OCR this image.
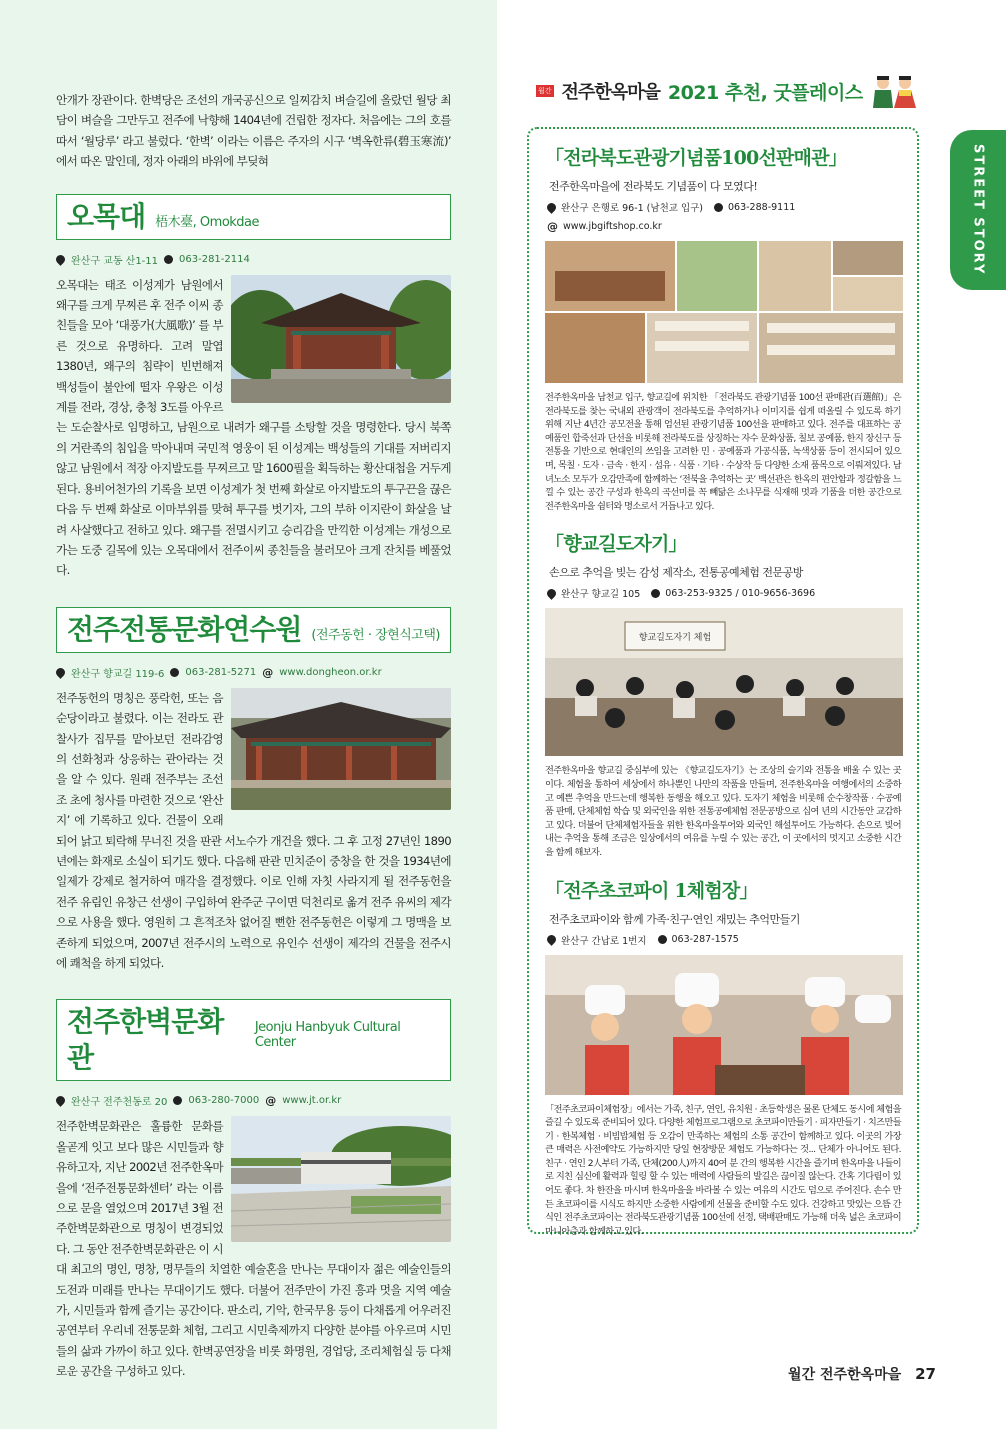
안개가 장관이다. 한벽당은 조선의 개국공신으로 일찌감치 벼슬길에 올랐던 월당 최담이 벼슬을 그만두고 전주에 낙향해 1404년에 건립한 정자다. 처음에는 그의 호를 따서 ‘월당루’ 라고 불렀다. ‘한벽’ 이라는 이름은 주자의 시구 ‘벽옥한류(碧玉寒流)’ 에서 따온 말인데, 정자 아래의 바위에 부딪혀

오목대 梧木臺, Omokdae
완산구 교동 산1-11 063-281-2114

오목대는 태조 이성계가 남원에서 왜구를 크게 무찌른 후 전주 이씨 종친들을 모아 ‘대풍가(大風歌)’ 를 부른 것으로 유명하다. 고려 말엽 1380년, 왜구의 침략이 빈번해져 백성들이 불안에 떨자 우왕은 이성계를 전라, 경상, 충청 3도를 아우르는 도순찰사로 임명하고, 남원으로 내려가 왜구를 소탕할 것을 명령한다. 당시 북쪽의 거란족의 침입을 막아내며 국민적 영웅이 된 이성계는 백성들의 기대를 저버리지 않고 남원에서 적장 아지발도를 무찌르고 말 1600필을 획득하는 황산대첩을 거두게 된다. 용비어천가의 기록을 보면 이성계가 첫 번째 화살로 아지발도의 투구끈을 끊은 다음 두 번째 화살로 이마부위를 맞혀 투구를 벗기자, 그의 부하 이지란이 화살을 날려 사살했다고 전하고 있다. 왜구를 전멸시키고 승리감을 만끽한 이성계는 개성으로 가는 도중 길목에 있는 오목대에서 전주이씨 종친들을 불러모아 크게 잔치를 베풀었다.

전주전통문화연수원 (전주동헌 · 장현식고택)
완산구 향교길 119-6 063-281-5271 @ www.dongheon.or.kr

전주동헌의 명칭은 풍락헌, 또는 음순당이라고 불렸다. 이는 전라도 관찰사가 집무를 맡아보던 전라감영의 선화청과 상응하는 관아라는 것을 알 수 있다. 원래 전주부는 조선조 초에 청사를 마련한 것으로 ‘완산지’ 에 기록하고 있다. 건물이 오래되어 낡고 퇴락해 무너진 것을 판관 서노수가 개건을 했다. 그 후 고정 27년인 1890년에는 화재로 소실이 되기도 했다. 다음해 판관 민치준이 중창을 한 것을 1934년에 일제가 강제로 철거하여 매각을 결정했다. 이로 인해 자칫 사라지게 될 전주동헌을 전주 유림인 유창근 선생이 구입하여 완주군 구이면 덕천리로 옮겨 전주 유씨의 제각으로 사용을 했다. 영원히 그 흔적조차 없어질 뻔한 전주동헌은 이렇게 그 명맥을 보존하게 되었으며, 2007년 전주시의 노력으로 유인수 선생이 제각의 건물을 전주시에 쾌척을 하게 되었다.

전주한벽문화관
Jeonju Hanbyuk Cultural Center
완산구 전주천동로 20 063-280-7000 @ www.jt.or.kr

전주한벽문화관은 훌륭한 문화를 올곧게 잇고 보다 많은 시민들과 향유하고자, 지난 2002년 전주한옥마을에 ‘전주전통문화센터’ 라는 이름으로 문을 열었으며 2017년 3월 전주한벽문화관으로 명칭이 변경되었다. 그 동안 전주한벽문화관은 이 시대 최고의 명인, 명창, 명무들의 치열한 예술혼을 만나는 무대이자 젊은 예술인들의 도전과 미래를 만나는 무대이기도 했다. 더불어 전주만이 가진 흥과 멋을 지역 예술가, 시민들과 함께 즐기는 공간이다. 판소리, 기악, 한국무용 등이 다채롭게 어우러진 공연부터 우리네 전통문화 체험, 그리고 시민축제까지 다양한 분야를 아우르며 시민들의 삶과 가까이 하고 있다. 한벽공연장을 비롯 화명원, 경업당, 조리체험실 등 다채로운 공간을 구성하고 있다.

월간 전주한옥마을 2021 추천, 굿플레이스
STREET STORY
「전라북도관광기념품100선판매관」
전주한옥마을에 전라북도 기념품이 다 모였다!
완산구 은행로 96-1 (남천교 입구)	063-288-9111
@ www.jbgiftshop.co.kr

전주한옥마을 남천교 입구, 향교길에 위치한 「전라북도 관광기념품 100선 판매관(百選館)」은 전라북도를 찾는 국내외 관광객이 전라북도를 추억하거나 이미지를 쉽게 떠올릴 수 있도록 하기 위해 지난 4년간 공모전을 통해 엄선된 관광기념품 100선을 판매하고 있다. 전주를 대표하는 공예품인 합죽선과 단선을 비롯해 전라북도를 상징하는 자수 문화상품, 칠보 공예품, 한지 장신구 등 전통을 기반으로 현대인의 쓰임을 고려한 민 · 공예품과 가공식품, 녹색상품 등이 전시되어 있으며, 목칠 · 도자 · 금속 · 한지 · 섬유 · 식품 · 기타 · 수상작 등 다양한 소재 품목으로 이뤄져있다. 남녀노소 모두가 오감만족에 함께하는 ‘전북을 추억하는 곳’ 백선관은 한옥의 편안함과 정갈함을 느낄 수 있는 공간 구성과 한옥의 곡선미를 꼭 빼닮은 소나무를 식재해 멋과 기품을 더한 공간으로 전주한옥마을 쉼터와 명소로서 거듭나고 있다.

「향교길도자기」
손으로 추억을 빚는 감성 제작소, 전통공예체험 전문공방
완산구 향교길 105	063-253-9325 / 010-9656-3696
향교길도자기 체험

전주한옥마을 향교길 중심부에 있는 《향교길도자기》는 조상의 슬기와 전통을 배울 수 있는 곳이다. 체험을 통하여 세상에서 하나뿐인 나만의 작품을 만들며, 전주한옥마을 여행에서의 소중하고 예쁜 추억을 만드는데 행복한 동행을 해오고 있다. 도자기 체험을 비롯해 순수창작품 · 수공예품 판매, 단체체험 학습 및 외국인을 위한 전통공예체험 전문공방으로 십여 년의 시간동안 교감하고 있다. 더불어 단체체험자들을 위한 한옥마을투어와 외국인 해설투어도 가능하다. 손으로 빚어내는 추억을 통해 조금은 일상에서의 여유를 누릴 수 있는 공간, 이 곳에서의 멋지고 소중한 시간을 함께 해보자.

「전주초코파이 1체험장」
전주초코파이와 함께 가족·친구·연인 재밌는 추억만들기
완산구 간납로 1번지	063-287-1575

「전주초코파이체험장」에서는 가족, 친구, 연인, 유치원 · 초등학생은 물론 단체도 동시에 체험을 즐길 수 있도록 준비되어 있다. 다양한 체험프로그램으로 초코파이만들기 · 피자만들기 · 치즈만들기 · 한복체험 · 비빔밥체험 등 오감이 만족하는 체험의 소통 공간이 함께하고 있다. 이곳의 가장 큰 매력은 사전예약도 가능하지만 당일 현장방문 체험도 가능하다는 것... 단체가 아니어도 된다. 친구 · 연인 2人부터 가족, 단체(200人)까지 40여 분 간의 행복한 시간을 즐기며 한옥마을 나들이로 지친 심신에 활력과 힐링 할 수 있는 매력에 사람들의 발길은 끊이질 않는다. 간혹 기다림이 있어도 좋다. 차 한잔을 마시며 한옥마을을 바라볼 수 있는 여유의 시간도 덤으로 주어진다. 손수 만든 초코파이를 시식도 하지만 소중한 사람에게 선물을 준비할 수도 있다. 건강하고 맛있는 으뜸 간식인 전주초코파이는 전라북도관광기념품 100선에 선정, 택배판매도 가능해 더욱 넓은 초코파이 마니아층과 함께하고 있다.

월간 전주한옥마을 27
